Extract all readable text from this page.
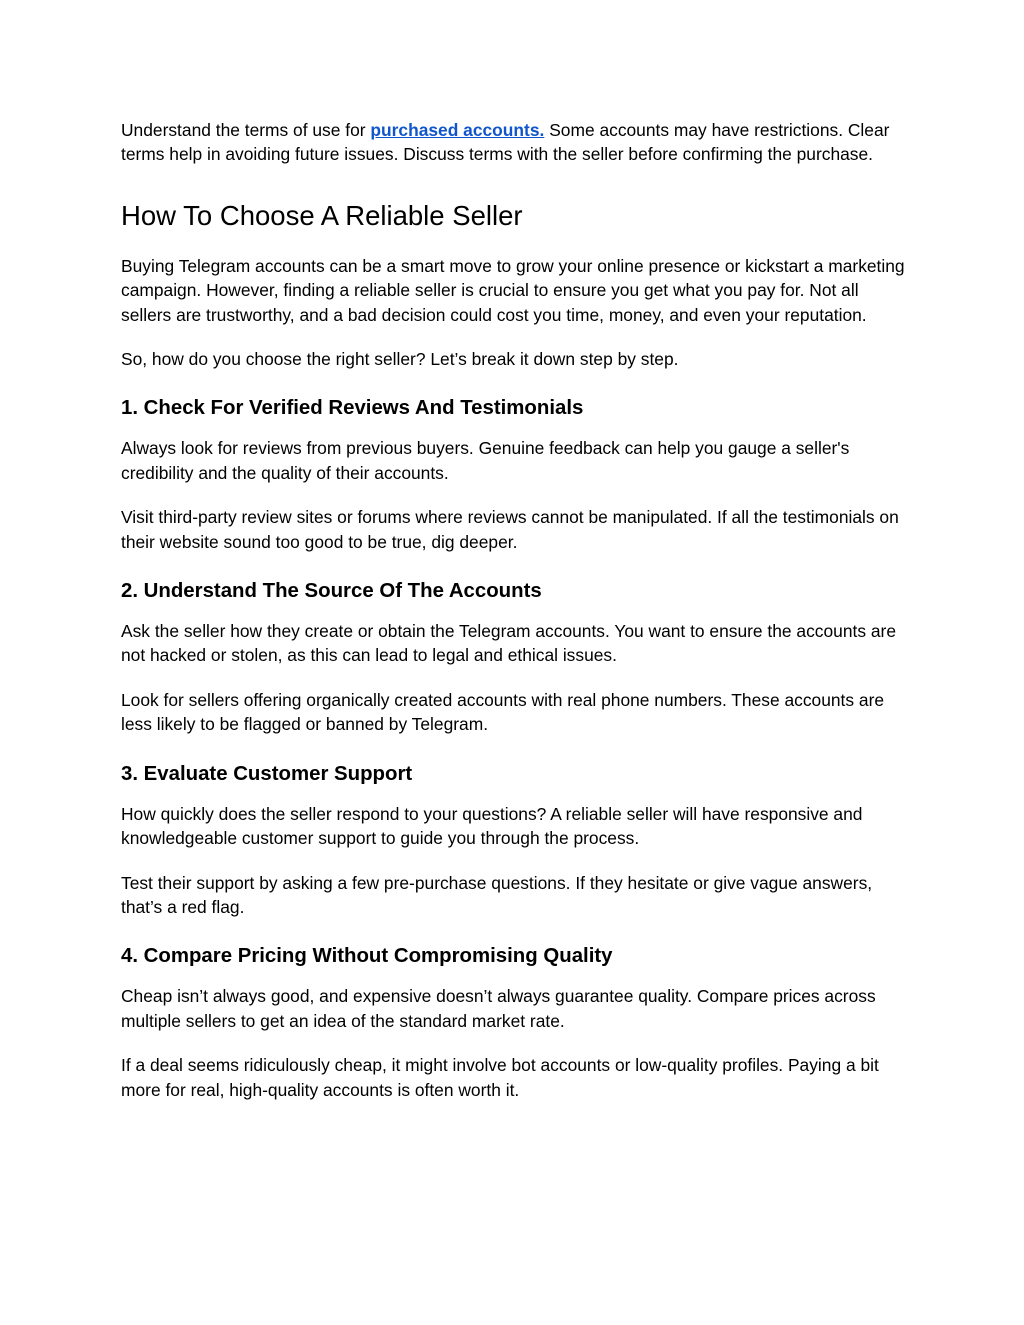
Understand the terms of use for purchased accounts. Some accounts may have restrictions. Clear terms help in avoiding future issues. Discuss terms with the seller before confirming the purchase.

How To Choose A Reliable Seller

Buying Telegram accounts can be a smart move to grow your online presence or kickstart a marketing campaign. However, finding a reliable seller is crucial to ensure you get what you pay for. Not all sellers are trustworthy, and a bad decision could cost you time, money, and even your reputation.

So, how do you choose the right seller? Let’s break it down step by step.

1. Check For Verified Reviews And Testimonials

Always look for reviews from previous buyers. Genuine feedback can help you gauge a seller's credibility and the quality of their accounts.

Visit third-party review sites or forums where reviews cannot be manipulated. If all the testimonials on their website sound too good to be true, dig deeper.

2. Understand The Source Of The Accounts

Ask the seller how they create or obtain the Telegram accounts. You want to ensure the accounts are not hacked or stolen, as this can lead to legal and ethical issues.

Look for sellers offering organically created accounts with real phone numbers. These accounts are less likely to be flagged or banned by Telegram.

3. Evaluate Customer Support

How quickly does the seller respond to your questions? A reliable seller will have responsive and knowledgeable customer support to guide you through the process.

Test their support by asking a few pre-purchase questions. If they hesitate or give vague answers, that’s a red flag.

4. Compare Pricing Without Compromising Quality

Cheap isn’t always good, and expensive doesn’t always guarantee quality. Compare prices across multiple sellers to get an idea of the standard market rate.

If a deal seems ridiculously cheap, it might involve bot accounts or low-quality profiles. Paying a bit more for real, high-quality accounts is often worth it.
